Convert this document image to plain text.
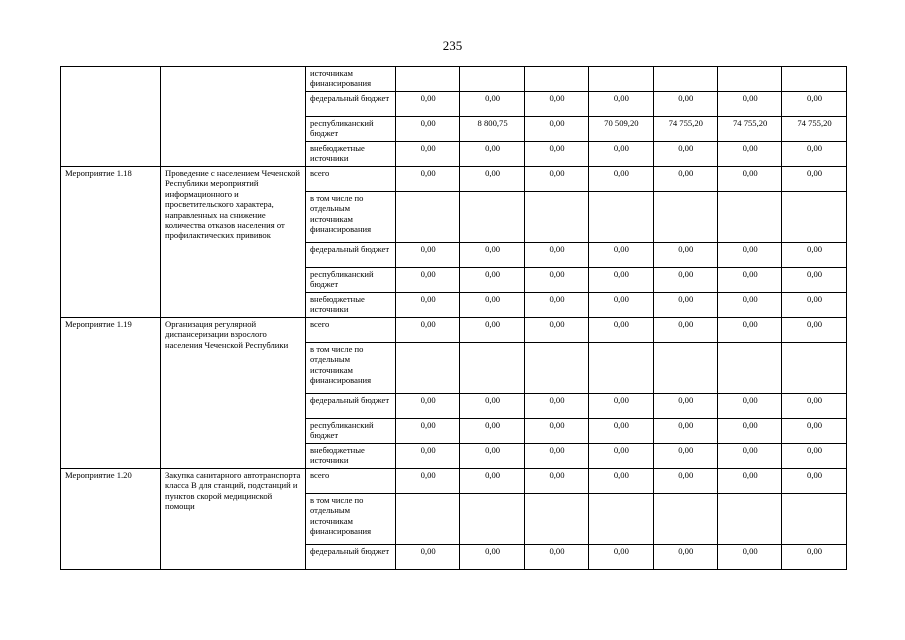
235
		источникам финансирования							
		федеральный бюджет	0,00	0,00	0,00	0,00	0,00	0,00	0,00
		республиканский бюджет	0,00	8 800,75	0,00	70 509,20	74 755,20	74 755,20	74 755,20
		внебюджетные источники	0,00	0,00	0,00	0,00	0,00	0,00	0,00
Мероприятие 1.18	Проведение с населением Чеченской Республики мероприятий информационного и просветительского характера, направленных на снижение количества отказов населения от профилактических прививок	всего	0,00	0,00	0,00	0,00	0,00	0,00	0,00
		в том числе по отдельным источникам финансирования							
		федеральный бюджет	0,00	0,00	0,00	0,00	0,00	0,00	0,00
		республиканский бюджет	0,00	0,00	0,00	0,00	0,00	0,00	0,00
		внебюджетные источники	0,00	0,00	0,00	0,00	0,00	0,00	0,00
Мероприятие 1.19	Организация регулярной диспансеризации взрослого населения Чеченской Республики	всего	0,00	0,00	0,00	0,00	0,00	0,00	0,00
		в том числе по отдельным источникам финансирования							
		федеральный бюджет	0,00	0,00	0,00	0,00	0,00	0,00	0,00
		республиканский бюджет	0,00	0,00	0,00	0,00	0,00	0,00	0,00
		внебюджетные источники	0,00	0,00	0,00	0,00	0,00	0,00	0,00
Мероприятие 1.20	Закупка санитарного автотранспорта класса В для станций, подстанций и пунктов скорой медицинской помощи	всего	0,00	0,00	0,00	0,00	0,00	0,00	0,00
		в том числе по отдельным источникам финансирования							
		федеральный бюджет	0,00	0,00	0,00	0,00	0,00	0,00	0,00
